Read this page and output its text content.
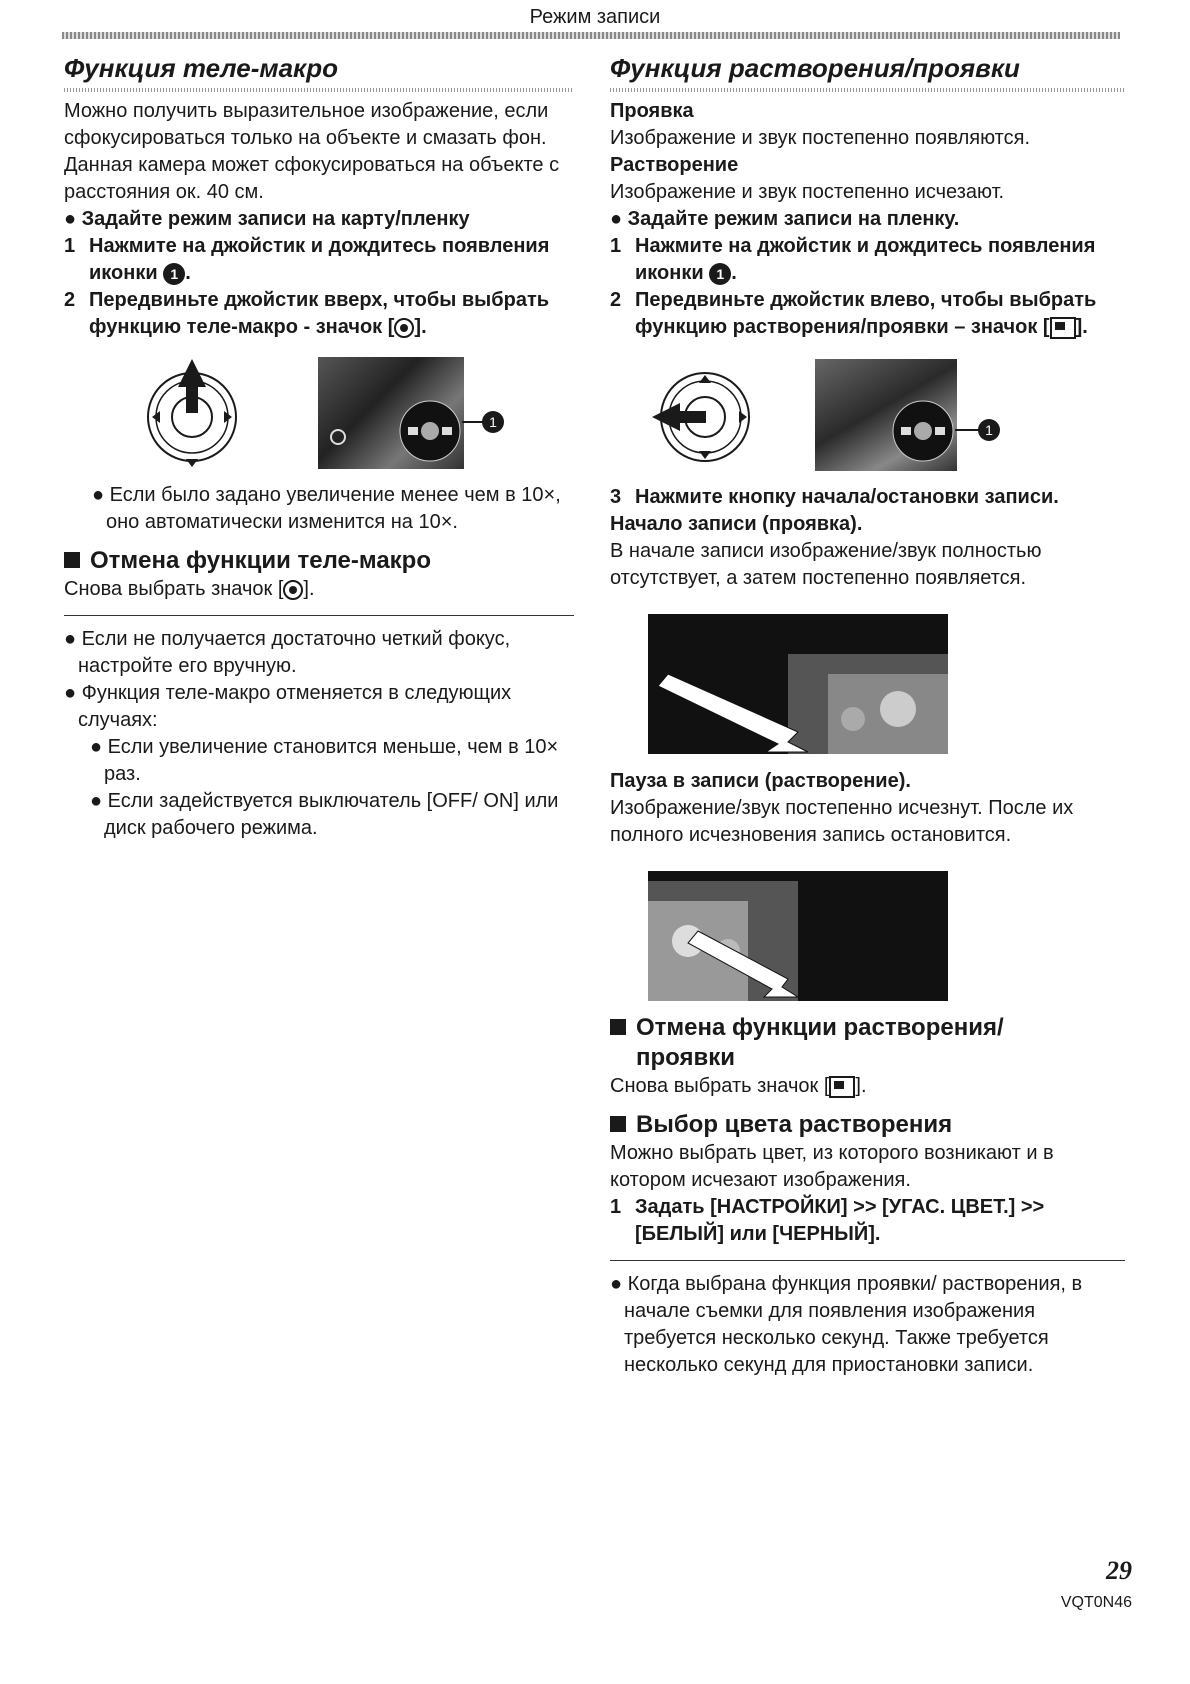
Режим записи
Функция теле-макро

Можно получить выразительное изображение, если сфокусироваться только на объекте и смазать фон. Данная камера может сфокусироваться на объекте с расстояния ок. 40 см.

● Задайте режим записи на карту/пленку

1 Нажмите на джойстик и дождитесь появления иконки 1 .
2 Передвиньте джойстик вверх, чтобы выбрать функцию теле-макро - значок [ ].
1

● Если было задано увеличение менее чем в 10×, оно автоматически изменится на 10×.

Отмена функции теле-макро

Снова выбрать значок [ ].

● Если не получается достаточно четкий фокус, настройте его вручную.

● Функция теле-макро отменяется в следующих случаях:

● Если увеличение становится меньше, чем в 10× раз.

● Если задействуется выключатель [OFF/ ON] или диск рабочего режима.

Функция растворения/проявки

Проявка

Изображение и звук постепенно появляются.

Растворение

Изображение и звук постепенно исчезают.

● Задайте режим записи на пленку.

1 Нажмите на джойстик и дождитесь появления иконки 1 .
2 Передвиньте джойстик влево, чтобы выбрать функцию растворения/проявки – значок [ ].
1
3 Нажмите кнопку начала/остановки записи.

Начало записи (проявка).

В начале записи изображение/звук полностью отсутствует, а затем постепенно появляется.

Пауза в записи (растворение).

Изображение/звук постепенно исчезнут. После их полного исчезновения запись остановится.

Отмена функции растворения/ проявки

Снова выбрать значок [ ].

Выбор цвета растворения

Можно выбрать цвет, из которого возникают и в котором исчезают изображения.

1 Задать [НАСТРОЙКИ] >> [УГАС. ЦВЕТ.] >> [БЕЛЫЙ] или [ЧЕРНЫЙ].

● Когда выбрана функция проявки/ растворения, в начале съемки для появления изображения требуется несколько секунд. Также требуется несколько секунд для приостановки записи.

29
VQT0N46
